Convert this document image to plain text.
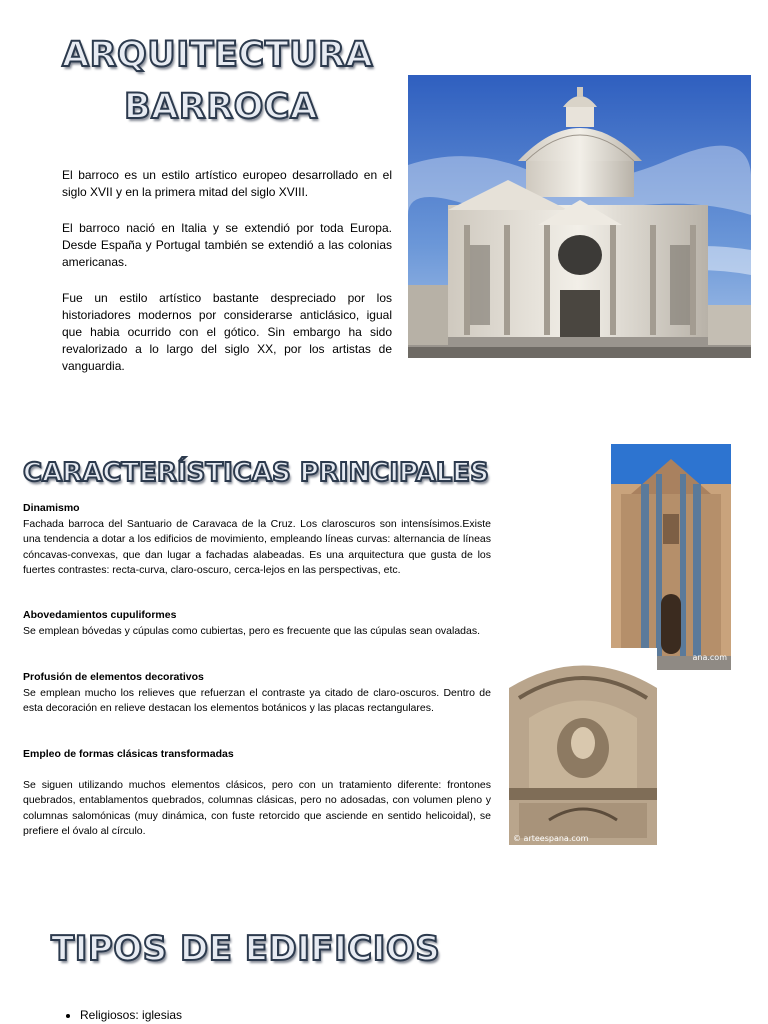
ARQUITECTURA
BARROCA

El barroco es un estilo artístico europeo desarrollado en el siglo XVII y en la primera mitad del siglo XVIII.

El barroco nació en Italia y se extendió por toda Europa. Desde España y Portugal también se extendió a las colonias americanas.

Fue un estilo artístico bastante despreciado por los historiadores modernos por considerarse anticlásico, igual que habia ocurrido con el gótico. Sin embargo ha sido revalorizado a lo largo del siglo XX, por los artistas de vanguardia.

CARACTERÍSTICAS PRINCIPALES
Dinamismo
Fachada barroca del Santuario de Caravaca de la Cruz. Los claroscuros son intensísimos.Existe una tendencia a dotar a los edificios de movimiento, empleando líneas curvas: alternancia de líneas cóncavas-convexas, que dan lugar a fachadas alabeadas. Es una arquitectura que gusta de los fuertes contrastes: recta-curva, claro-oscuro, cerca-lejos en las perspectivas, etc.
Abovedamientos cupuliformes
Se emplean bóvedas y cúpulas como cubiertas, pero es frecuente que las cúpulas sean ovaladas.
Profusión de elementos decorativos
Se emplean mucho los relieves que refuerzan el contraste ya citado de claro-oscuros. Dentro de esta decoración en relieve destacan los elementos botánicos y las placas rectangulares.
Empleo de formas clásicas transformadas
Se siguen utilizando muchos elementos clásicos, pero con un tratamiento diferente: frontones quebrados, entablamentos quebrados, columnas clásicas, pero no adosadas, con volumen pleno y columnas salomónicas (muy dinámica, con fuste retorcido que asciende en sentido helicoidal), se prefiere el óvalo al círculo.
ana.com
© arteespana.com
TIPOS DE EDIFICIOS
• Religiosos: iglesias
